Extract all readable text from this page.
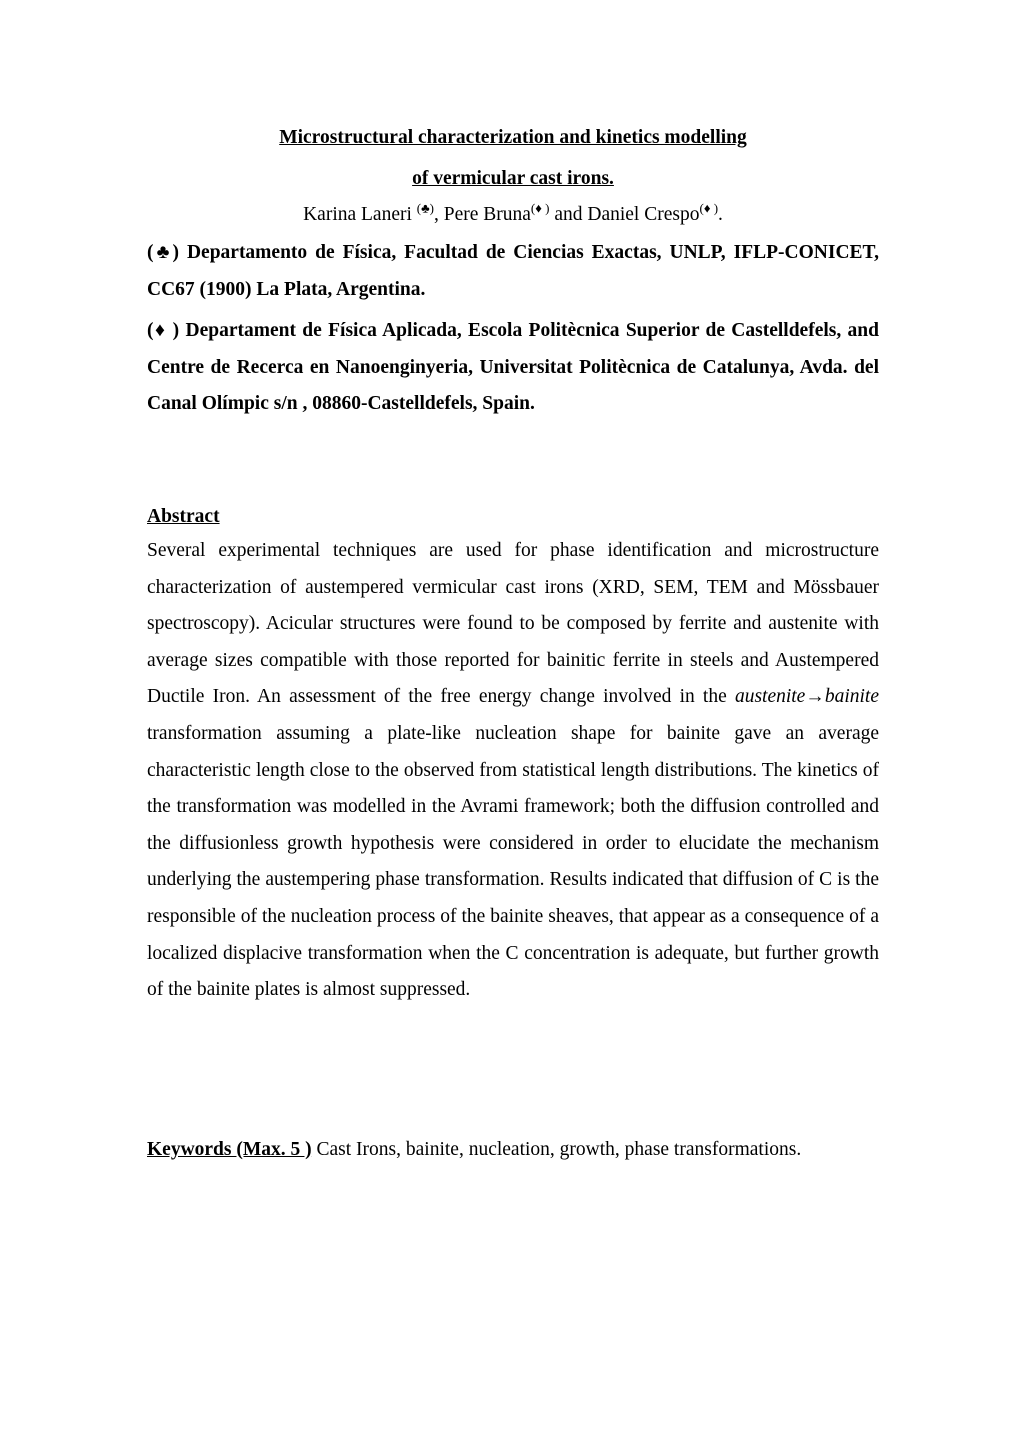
Microstructural characterization and kinetics modelling
of vermicular cast irons.
Karina Laneri (♣), Pere Bruna(♦ ) and Daniel Crespo(♦ ).

(♣) Departamento de Física, Facultad de Ciencias Exactas, UNLP, IFLP-CONICET, CC67 (1900) La Plata, Argentina.

(♦ ) Departament de Física Aplicada, Escola Politècnica Superior de Castelldefels, and Centre de Recerca en Nanoenginyeria, Universitat Politècnica de Catalunya, Avda. del Canal Olímpic s/n , 08860-Castelldefels, Spain.

Abstract

Several experimental techniques are used for phase identification and microstructure characterization of austempered vermicular cast irons (XRD, SEM, TEM and Mössbauer spectroscopy). Acicular structures were found to be composed by ferrite and austenite with average sizes compatible with those reported for bainitic ferrite in steels and Austempered Ductile Iron. An assessment of the free energy change involved in the austenite→bainite transformation assuming a plate-like nucleation shape for bainite gave an average characteristic length close to the observed from statistical length distributions. The kinetics of the transformation was modelled in the Avrami framework; both the diffusion controlled and the diffusionless growth hypothesis were considered in order to elucidate the mechanism underlying the austempering phase transformation. Results indicated that diffusion of C is the responsible of the nucleation process of the bainite sheaves, that appear as a consequence of a localized displacive transformation when the C concentration is adequate, but further growth of the bainite plates is almost suppressed.

Keywords (Max. 5 ) Cast Irons, bainite, nucleation, growth, phase transformations.
